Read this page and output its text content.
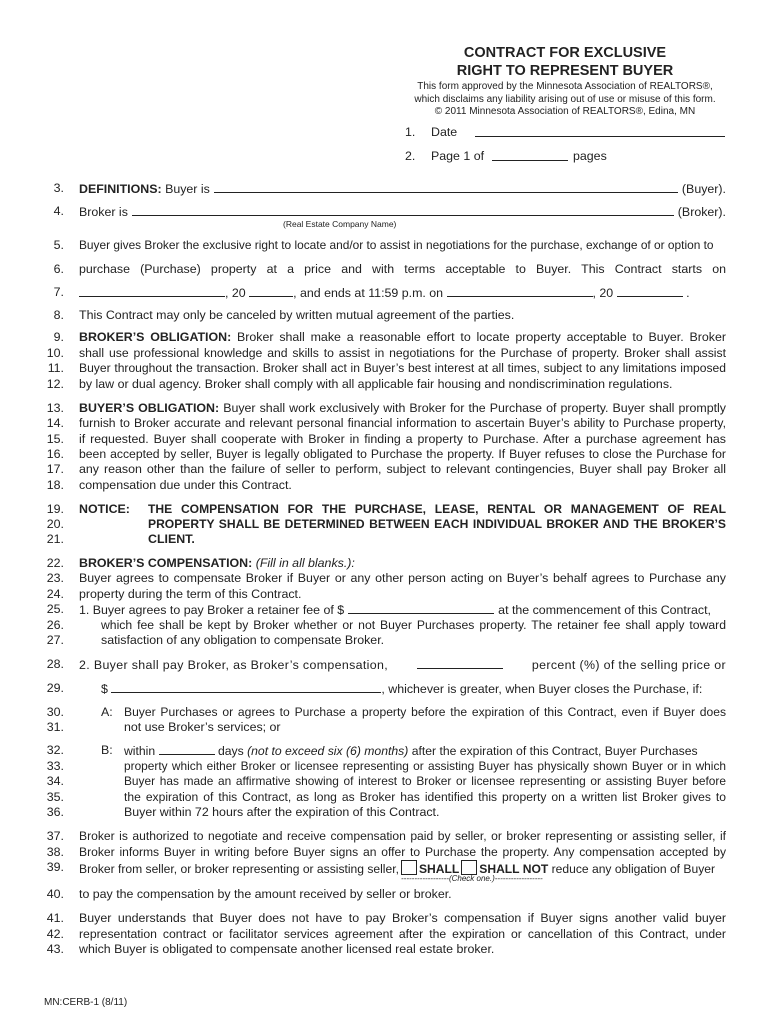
CONTRACT FOR EXCLUSIVE
RIGHT TO REPRESENT BUYER
This form approved by the Minnesota Association of REALTORS®,
which disclaims any liability arising out of use or misuse of this form.
© 2011 Minnesota Association of REALTORS®, Edina, MN
1. Date
2. Page 1 of	pages
3. DEFINITIONS:
Buyer is	(Buyer).
4. Broker is	(Broker).
(Real Estate Company Name)
5. Buyer gives Broker the exclusive right to locate and/or to assist in negotiations for the purchase, exchange of or option to
6. purchase (Purchase) property at a price and with terms acceptable to Buyer. This Contract starts on
7.	, 20	, and ends at 11:59 p.m. on	, 20	.
8. This Contract may only be canceled by written mutual agreement of the parties.
9. BROKER’S OBLIGATION: Broker shall make a reasonable effort to locate property acceptable to Buyer. Broker
10. shall use professional knowledge and skills to assist in negotiations for the Purchase of property. Broker shall assist
11. Buyer throughout the transaction. Broker shall act in Buyer’s best interest at all times, subject to any limitations imposed
12. by law or dual agency. Broker shall comply with all applicable fair housing and nondiscrimination regulations.
13. BUYER’S OBLIGATION: Buyer shall work exclusively with Broker for the Purchase of property. Buyer shall promptly
14. furnish to Broker accurate and relevant personal financial information to ascertain Buyer’s ability to Purchase property,
15. if requested. Buyer shall cooperate with Broker in finding a property to Purchase. After a purchase agreement has
16. been accepted by seller, Buyer is legally obligated to Purchase the property. If Buyer refuses to close the Purchase for
17. any reason other than the failure of seller to perform, subject to relevant contingencies, Buyer shall pay Broker all
18. compensation due under this Contract.
19. NOTICE:	THE COMPENSATION FOR THE PURCHASE, LEASE, RENTAL OR MANAGEMENT OF REAL
20.	PROPERTY SHALL BE DETERMINED BETWEEN EACH INDIVIDUAL BROKER AND THE BROKER’S
21.	CLIENT.
22. BROKER’S COMPENSATION: (Fill in all blanks.):
23. Buyer agrees to compensate Broker if Buyer or any other person acting on Buyer’s behalf agrees to Purchase any
24. property during the term of this Contract.
25. 1. Buyer agrees to pay Broker a retainer fee of $	at the commencement of this Contract,
26.	which fee shall be kept by Broker whether or not Buyer Purchases property. The retainer fee shall apply toward
27.	satisfaction of any obligation to compensate Broker.
28. 2. Buyer shall pay Broker, as Broker’s compensation,	percent (%) of the selling price or
29.	$	, whichever is greater, when Buyer closes the Purchase, if:
30.	A: Buyer Purchases or agrees to Purchase a property before the expiration of this Contract, even if Buyer does
31.	not use Broker’s services; or
32.	B: within	days (not to exceed six (6) months) after the expiration of this Contract, Buyer Purchases
33.	property which either Broker or licensee representing or assisting Buyer has physically shown Buyer or in which
34.	Buyer has made an affirmative showing of interest to Broker or licensee representing or assisting Buyer before
35.	the expiration of this Contract, as long as Broker has identified this property on a written list Broker gives to
36.	Buyer within 72 hours after the expiration of this Contract.
37. Broker is authorized to negotiate and receive compensation paid by seller, or broker representing or assisting seller, if
38. Broker informs Buyer in writing before Buyer signs an offer to Purchase the property. Any compensation accepted by
39. Broker from seller, or broker representing or assisting seller, SHALL SHALL NOT reduce any obligation of Buyer
------------------(Check one.)------------------
40. to pay the compensation by the amount received by seller or broker.
41. Buyer understands that Buyer does not have to pay Broker’s compensation if Buyer signs another valid buyer
42. representation contract or facilitator services agreement after the expiration or cancellation of this Contract, under
43. which Buyer is obligated to compensate another licensed real estate broker.
MN:CERB-1 (8/11)
